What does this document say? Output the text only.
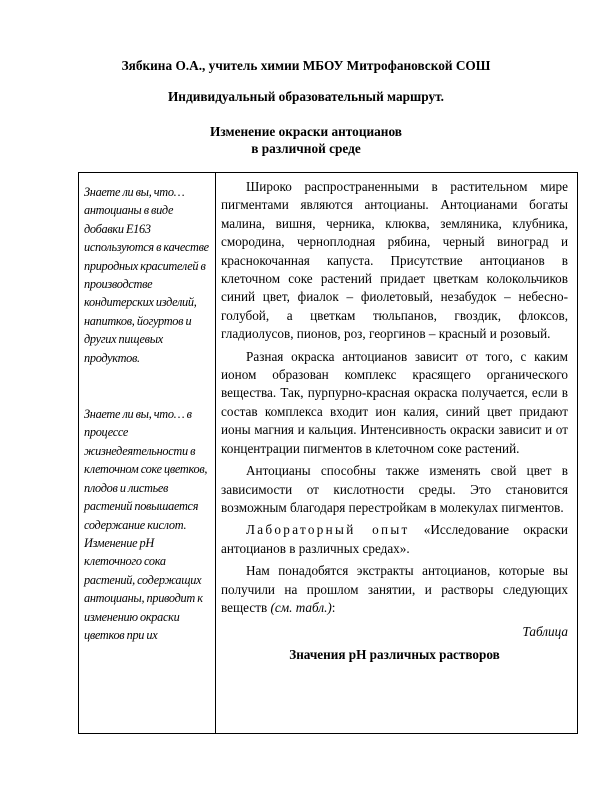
Зябкина О.А., учитель химии МБОУ Митрофановской СОШ
Индивидуальный образовательный маршрут.
Изменение окраски антоцианов
в различной среде

Знаете ли вы, что… антоцианы в виде добавки Е163 используются в качестве природных красителей в производстве кондитерских изделий, напитков, йогуртов и других пищевых продуктов.

Знаете ли вы, что… в процессе жизнедеятельности в клеточном соке цветков, плодов и листьев растений повышается содержание кислот. Изменение pH клеточного сока растений, содержащих антоцианы, приводит к изменению окраски цветков при их

Широко распространенными в растительном мире пигментами являются антоцианы. Антоцианами богаты малина, вишня, черника, клюква, земляника, клубника, смородина, черноплодная рябина, черный виноград и краснокочанная капуста. Присутствие антоцианов в клеточном соке растений придает цветкам колокольчиков синий цвет, фиалок – фиолетовый, незабудок – небесно-голубой, а цветкам тюльпанов, гвоздик, флоксов, гладиолусов, пионов, роз, георгинов – красный и розовый.

Разная окраска антоцианов зависит от того, с каким ионом образован комплекс красящего органического вещества. Так, пурпурно-красная окраска получается, если в состав комплекса входит ион калия, синий цвет придают ионы магния и кальция. Интенсивность окраски зависит и от концентрации пигментов в клеточном соке растений.

Антоцианы способны также изменять свой цвет в зависимости от кислотности среды. Это становится возможным благодаря перестройкам в молекулах пигментов.

Лабораторный опыт «Исследование окраски антоцианов в различных средах».

Нам понадобятся экстракты антоцианов, которые вы получили на прошлом занятии, и растворы следующих веществ (см. табл.):

Таблица

Значения pH различных растворов
